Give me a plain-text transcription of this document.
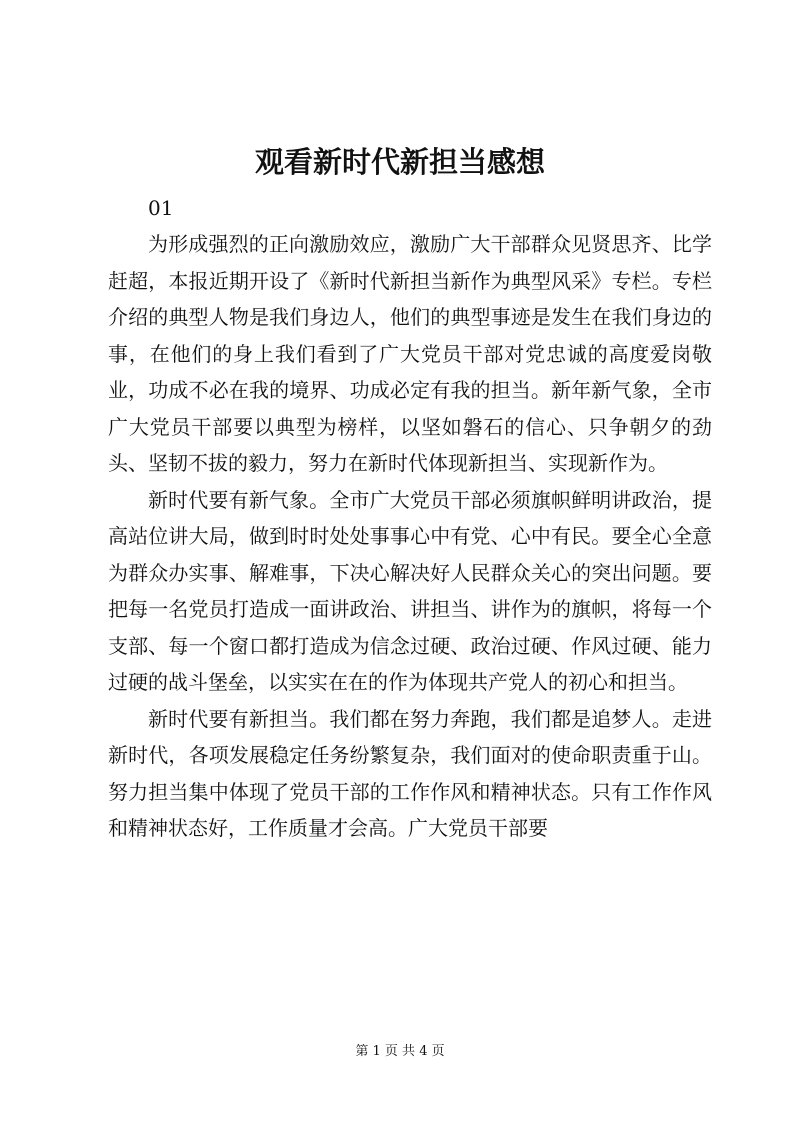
观看新时代新担当感想
01

为形成强烈的正向激励效应，激励广大干部群众见贤思齐、比学赶超，本报近期开设了《新时代新担当新作为典型风采》专栏。专栏介绍的典型人物是我们身边人，他们的典型事迹是发生在我们身边的事，在他们的身上我们看到了广大党员干部对党忠诚的高度爱岗敬业，功成不必在我的境界、功成必定有我的担当。新年新气象，全市广大党员干部要以典型为榜样，以坚如磐石的信心、只争朝夕的劲头、坚韧不拔的毅力，努力在新时代体现新担当、实现新作为。

新时代要有新气象。全市广大党员干部必须旗帜鲜明讲政治，提高站位讲大局，做到时时处处事事心中有党、心中有民。要全心全意为群众办实事、解难事，下决心解决好人民群众关心的突出问题。要把每一名党员打造成一面讲政治、讲担当、讲作为的旗帜，将每一个支部、每一个窗口都打造成为信念过硬、政治过硬、作风过硬、能力过硬的战斗堡垒，以实实在在的作为体现共产党人的初心和担当。

新时代要有新担当。我们都在努力奔跑，我们都是追梦人。走进新时代，各项发展稳定任务纷繁复杂，我们面对的使命职责重于山。努力担当集中体现了党员干部的工作作风和精神状态。只有工作作风和精神状态好，工作质量才会高。广大党员干部要

第 1 页 共 4 页
